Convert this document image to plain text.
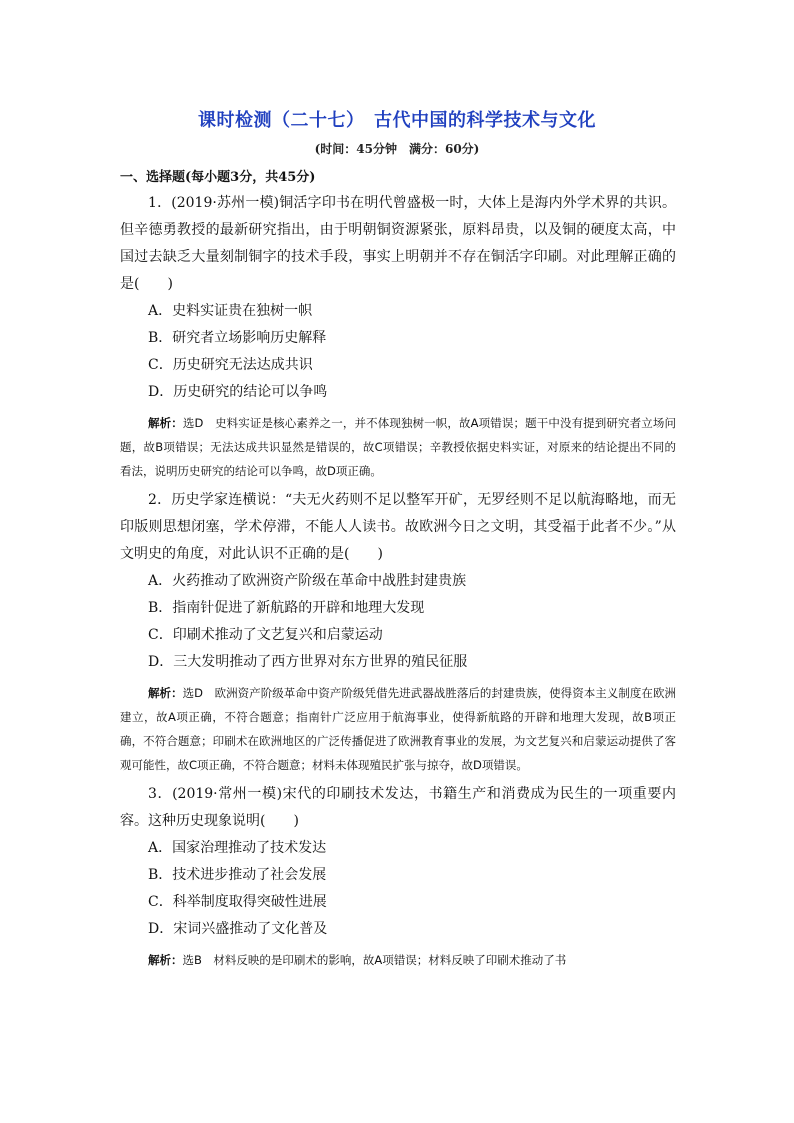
课时检测（二十七）　古代中国的科学技术与文化
(时间：45分钟　满分：60分)
一、选择题(每小题3分，共45分)

1．(2019·苏州一模)铜活字印书在明代曾盛极一时，大体上是海内外学术界的共识。但辛德勇教授的最新研究指出，由于明朝铜资源紧张，原料昂贵，以及铜的硬度太高，中国过去缺乏大量刻制铜字的技术手段，事实上明朝并不存在铜活字印刷。对此理解正确的是(　　)

A．史料实证贵在独树一帜

B．研究者立场影响历史解释

C．历史研究无法达成共识

D．历史研究的结论可以争鸣

解析：选D　史料实证是核心素养之一，并不体现独树一帜，故A项错误；题干中没有提到研究者立场问题，故B项错误；无法达成共识显然是错误的，故C项错误；辛教授依据史料实证，对原来的结论提出不同的看法，说明历史研究的结论可以争鸣，故D项正确。

2．历史学家连横说：“夫无火药则不足以整军开矿，无罗经则不足以航海略地，而无印版则思想闭塞，学术停滞，不能人人读书。故欧洲今日之文明，其受福于此者不少。”从文明史的角度，对此认识不正确的是(　　)

A．火药推动了欧洲资产阶级在革命中战胜封建贵族

B．指南针促进了新航路的开辟和地理大发现

C．印刷术推动了文艺复兴和启蒙运动

D．三大发明推动了西方世界对东方世界的殖民征服

解析：选D　欧洲资产阶级革命中资产阶级凭借先进武器战胜落后的封建贵族，使得资本主义制度在欧洲建立，故A项正确，不符合题意；指南针广泛应用于航海事业，使得新航路的开辟和地理大发现，故B项正确，不符合题意；印刷术在欧洲地区的广泛传播促进了欧洲教育事业的发展，为文艺复兴和启蒙运动提供了客观可能性，故C项正确，不符合题意；材料未体现殖民扩张与掠夺，故D项错误。

3．(2019·常州一模)宋代的印刷技术发达，书籍生产和消费成为民生的一项重要内容。这种历史现象说明(　　)

A．国家治理推动了技术发达

B．技术进步推动了社会发展

C．科举制度取得突破性进展

D．宋词兴盛推动了文化普及

解析：选B　材料反映的是印刷术的影响，故A项错误；材料反映了印刷术推动了书
